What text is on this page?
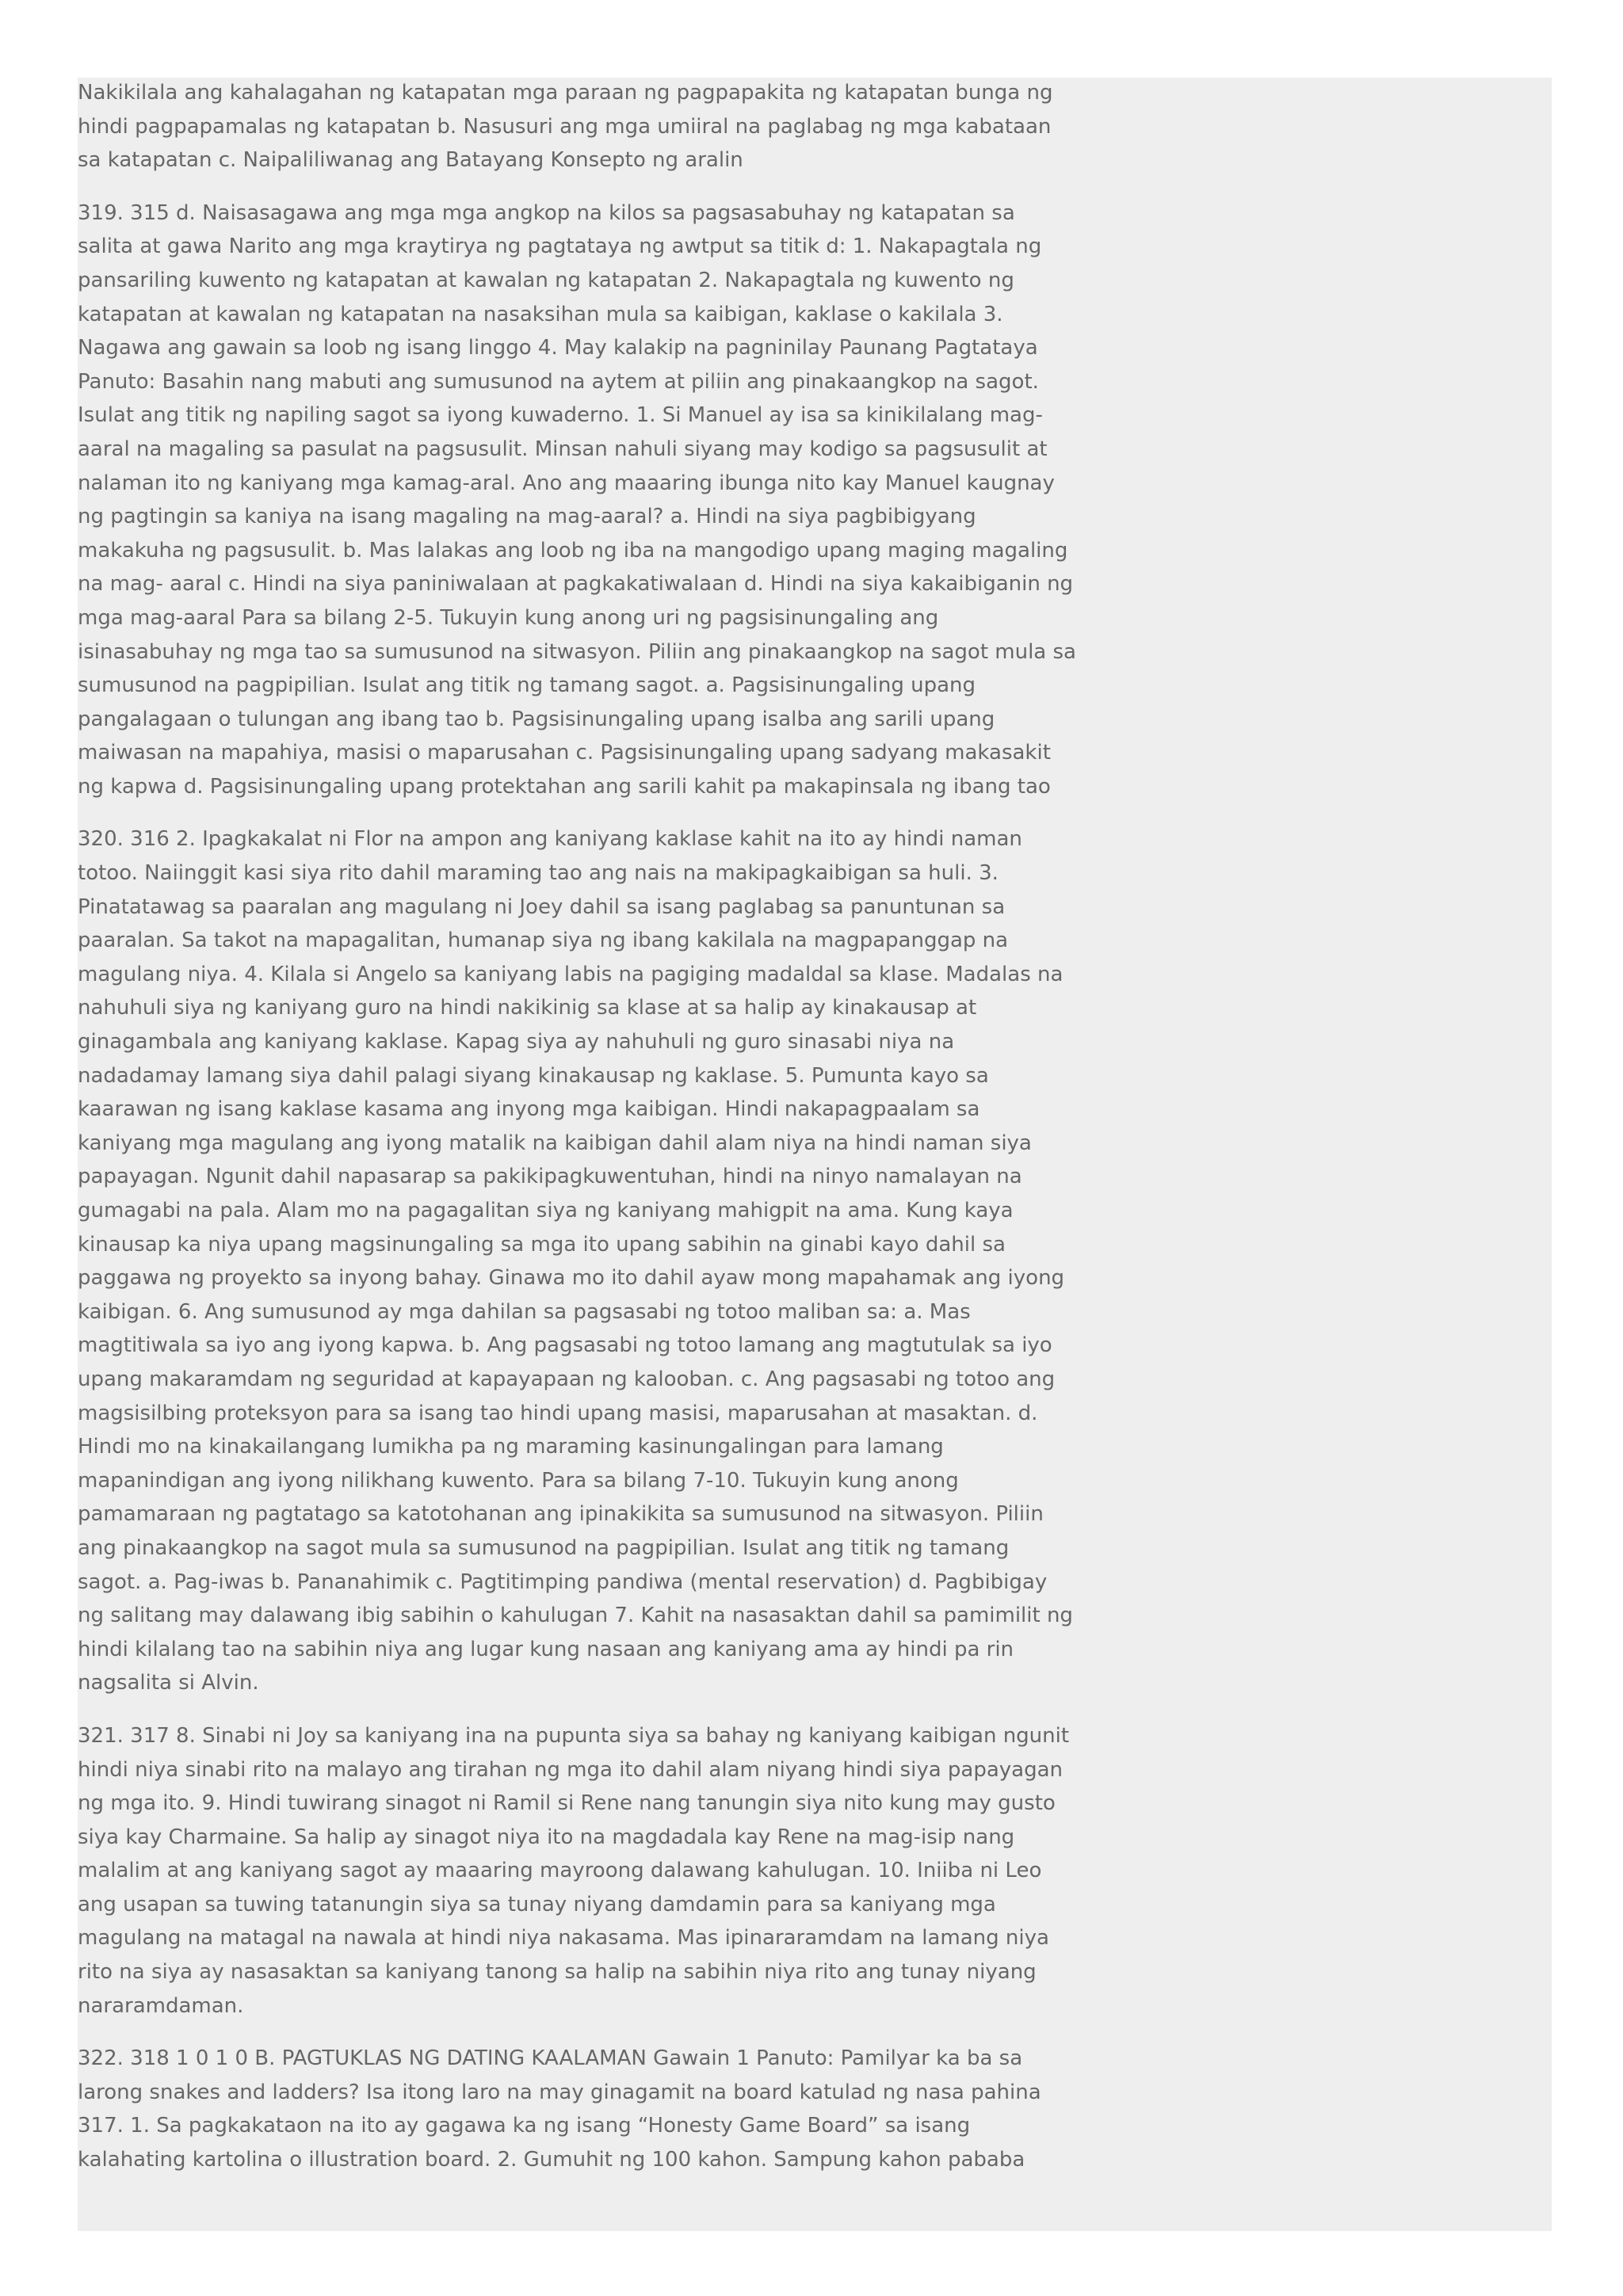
Nakikilala ang kahalagahan ng katapatan mga paraan ng pagpapakita ng katapatan bunga ng hindi pagpapamalas ng katapatan b. Nasusuri ang mga umiiral na paglabag ng mga kabataan sa katapatan c. Naipaliliwanag ang Batayang Konsepto ng aralin

319. 315 d. Naisasagawa ang mga mga angkop na kilos sa pagsasabuhay ng katapatan sa salita at gawa Narito ang mga kraytirya ng pagtataya ng awtput sa titik d: 1. Nakapagtala ng pansariling kuwento ng katapatan at kawalan ng katapatan 2. Nakapagtala ng kuwento ng katapatan at kawalan ng katapatan na nasaksihan mula sa kaibigan, kaklase o kakilala 3. Nagawa ang gawain sa loob ng isang linggo 4. May kalakip na pagninilay Paunang Pagtataya Panuto: Basahin nang mabuti ang sumusunod na aytem at piliin ang pinakaangkop na sagot. Isulat ang titik ng napiling sagot sa iyong kuwaderno. 1. Si Manuel ay isa sa kinikilalang mag-aaral na magaling sa pasulat na pagsusulit. Minsan nahuli siyang may kodigo sa pagsusulit at nalaman ito ng kaniyang mga kamag-aral. Ano ang maaaring ibunga nito kay Manuel kaugnay ng pagtingin sa kaniya na isang magaling na mag-aaral? a. Hindi na siya pagbibigyang makakuha ng pagsusulit. b. Mas lalakas ang loob ng iba na mangodigo upang maging magaling na mag- aaral c. Hindi na siya paniniwalaan at pagkakatiwalaan d. Hindi na siya kakaibiganin ng mga mag-aaral Para sa bilang 2-5. Tukuyin kung anong uri ng pagsisinungaling ang isinasabuhay ng mga tao sa sumusunod na sitwasyon. Piliin ang pinakaangkop na sagot mula sa sumusunod na pagpipilian. Isulat ang titik ng tamang sagot. a. Pagsisinungaling upang pangalagaan o tulungan ang ibang tao b. Pagsisinungaling upang isalba ang sarili upang maiwasan na mapahiya, masisi o maparusahan c. Pagsisinungaling upang sadyang makasakit ng kapwa d. Pagsisinungaling upang protektahan ang sarili kahit pa makapinsala ng ibang tao

320. 316 2. Ipagkakalat ni Flor na ampon ang kaniyang kaklase kahit na ito ay hindi naman totoo. Naiinggit kasi siya rito dahil maraming tao ang nais na makipagkaibigan sa huli. 3. Pinatatawag sa paaralan ang magulang ni Joey dahil sa isang paglabag sa panuntunan sa paaralan. Sa takot na mapagalitan, humanap siya ng ibang kakilala na magpapanggap na magulang niya. 4. Kilala si Angelo sa kaniyang labis na pagiging madaldal sa klase. Madalas na nahuhuli siya ng kaniyang guro na hindi nakikinig sa klase at sa halip ay kinakausap at ginagambala ang kaniyang kaklase. Kapag siya ay nahuhuli ng guro sinasabi niya na nadadamay lamang siya dahil palagi siyang kinakausap ng kaklase. 5. Pumunta kayo sa kaarawan ng isang kaklase kasama ang inyong mga kaibigan. Hindi nakapagpaalam sa kaniyang mga magulang ang iyong matalik na kaibigan dahil alam niya na hindi naman siya papayagan. Ngunit dahil napasarap sa pakikipagkuwentuhan, hindi na ninyo namalayan na gumagabi na pala. Alam mo na pagagalitan siya ng kaniyang mahigpit na ama. Kung kaya kinausap ka niya upang magsinungaling sa mga ito upang sabihin na ginabi kayo dahil sa paggawa ng proyekto sa inyong bahay. Ginawa mo ito dahil ayaw mong mapahamak ang iyong kaibigan. 6. Ang sumusunod ay mga dahilan sa pagsasabi ng totoo maliban sa: a. Mas magtitiwala sa iyo ang iyong kapwa. b. Ang pagsasabi ng totoo lamang ang magtutulak sa iyo upang makaramdam ng seguridad at kapayapaan ng kalooban. c. Ang pagsasabi ng totoo ang magsisilbing proteksyon para sa isang tao hindi upang masisi, maparusahan at masaktan. d. Hindi mo na kinakailangang lumikha pa ng maraming kasinungalingan para lamang mapanindigan ang iyong nilikhang kuwento. Para sa bilang 7-10. Tukuyin kung anong pamamaraan ng pagtatago sa katotohanan ang ipinakikita sa sumusunod na sitwasyon. Piliin ang pinakaangkop na sagot mula sa sumusunod na pagpipilian. Isulat ang titik ng tamang sagot. a. Pag-iwas b. Pananahimik c. Pagtitimping pandiwa (mental reservation) d. Pagbibigay ng salitang may dalawang ibig sabihin o kahulugan 7. Kahit na nasasaktan dahil sa pamimilit ng hindi kilalang tao na sabihin niya ang lugar kung nasaan ang kaniyang ama ay hindi pa rin nagsalita si Alvin.

321. 317 8. Sinabi ni Joy sa kaniyang ina na pupunta siya sa bahay ng kaniyang kaibigan ngunit hindi niya sinabi rito na malayo ang tirahan ng mga ito dahil alam niyang hindi siya papayagan ng mga ito. 9. Hindi tuwirang sinagot ni Ramil si Rene nang tanungin siya nito kung may gusto siya kay Charmaine. Sa halip ay sinagot niya ito na magdadala kay Rene na mag-isip nang malalim at ang kaniyang sagot ay maaaring mayroong dalawang kahulugan. 10. Iniiba ni Leo ang usapan sa tuwing tatanungin siya sa tunay niyang damdamin para sa kaniyang mga magulang na matagal na nawala at hindi niya nakasama. Mas ipinararamdam na lamang niya rito na siya ay nasasaktan sa kaniyang tanong sa halip na sabihin niya rito ang tunay niyang nararamdaman.

322. 318 1 0 1 0 B. PAGTUKLAS NG DATING KAALAMAN Gawain 1 Panuto: Pamilyar ka ba sa larong snakes and ladders? Isa itong laro na may ginagamit na board katulad ng nasa pahina 317. 1. Sa pagkakataon na ito ay gagawa ka ng isang “Honesty Game Board” sa isang kalahating kartolina o illustration board. 2. Gumuhit ng 100 kahon. Sampung kahon pababa
